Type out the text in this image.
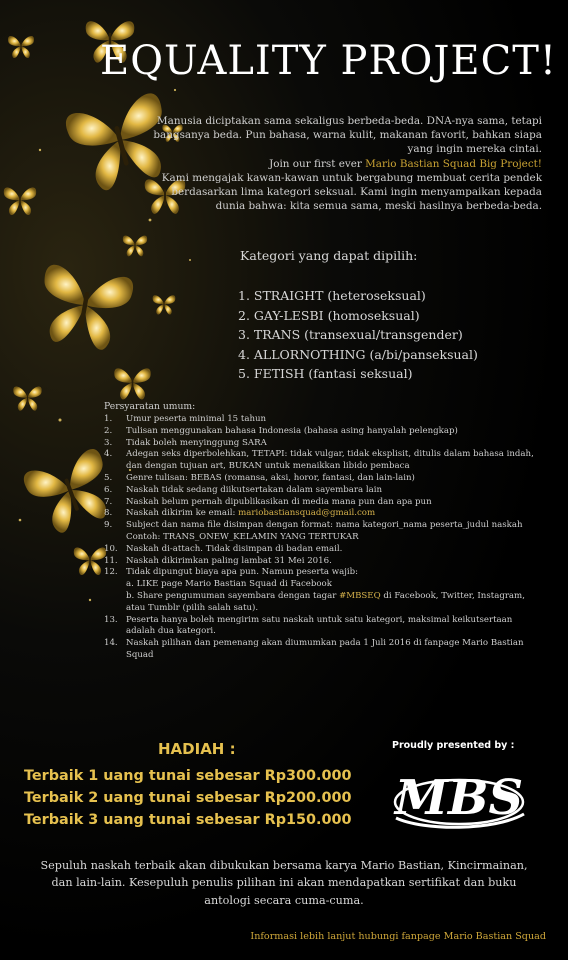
EQUALITY PROJECT!

Manusia diciptakan sama sekaligus berbeda-beda. DNA-nya sama, tetapi bangsanya beda. Pun bahasa, warna kulit, makanan favorit, bahkan siapa yang ingin mereka cintai.

Join our first ever Mario Bastian Squad Big Project!

Kami mengajak kawan-kawan untuk bergabung membuat cerita pendek berdasarkan lima kategori seksual. Kami ingin menyampaikan kepada dunia bahwa: kita semua sama, meski hasilnya berbeda-beda.

Kategori yang dapat dipilih:

1. STRAIGHT (heteroseksual)
2. GAY-LESBI (homoseksual)
3. TRANS (transexual/transgender)
4. ALLORNOTHING (a/bi/panseksual)
5. FETISH (fantasi seksual)

Persyaratan umum:

1.	Umur peserta minimal 15 tahun
2.	Tulisan menggunakan bahasa Indonesia (bahasa asing hanyalah pelengkap)
3.	Tidak boleh menyinggung SARA
4.	Adegan seks diperbolehkan, TETAPI: tidak vulgar, tidak eksplisit, ditulis dalam bahasa indah, dan dengan tujuan art, BUKAN untuk menaikkan libido pembaca
5.	Genre tulisan: BEBAS (romansa, aksi, horor, fantasi, dan lain-lain)
6.	Naskah tidak sedang diikutsertakan dalam sayembara lain
7.	Naskah belum pernah dipublikasikan di media mana pun dan apa pun
8.	Naskah dikirim ke email: mariobastiansquad@gmail.com
9.	Subject dan nama file disimpan dengan format: nama kategori_nama peserta_judul naskah
Contoh: TRANS_ONEW_KELAMIN YANG TERTUKAR
10. Naskah di-attach. Tidak disimpan di badan email.
11. Naskah dikirimkan paling lambat 31 Mei 2016.
12. Tidak dipungut biaya apa pun. Namun peserta wajib:
a. LIKE page Mario Bastian Squad di Facebook
b. Share pengumuman sayembara dengan tagar #MBSEQ di Facebook, Twitter, Instagram, atau Tumblr (pilih salah satu).
13. Peserta hanya boleh mengirim satu naskah untuk satu kategori, maksimal keikutsertaan adalah dua kategori.
14. Naskah pilihan dan pemenang akan diumumkan pada 1 Juli 2016 di fanpage Mario Bastian Squad

HADIAH :

Terbaik 1 uang tunai sebesar Rp300.000
Terbaik 2 uang tunai sebesar Rp200.000
Terbaik 3 uang tunai sebesar Rp150.000

Proudly presented by :

MBS

Sepuluh naskah terbaik akan dibukukan bersama karya Mario Bastian, Kincirmainan, dan lain-lain. Kesepuluh penulis pilihan ini akan mendapatkan sertifikat dan buku antologi secara cuma-cuma.

Informasi lebih lanjut hubungi fanpage Mario Bastian Squad
